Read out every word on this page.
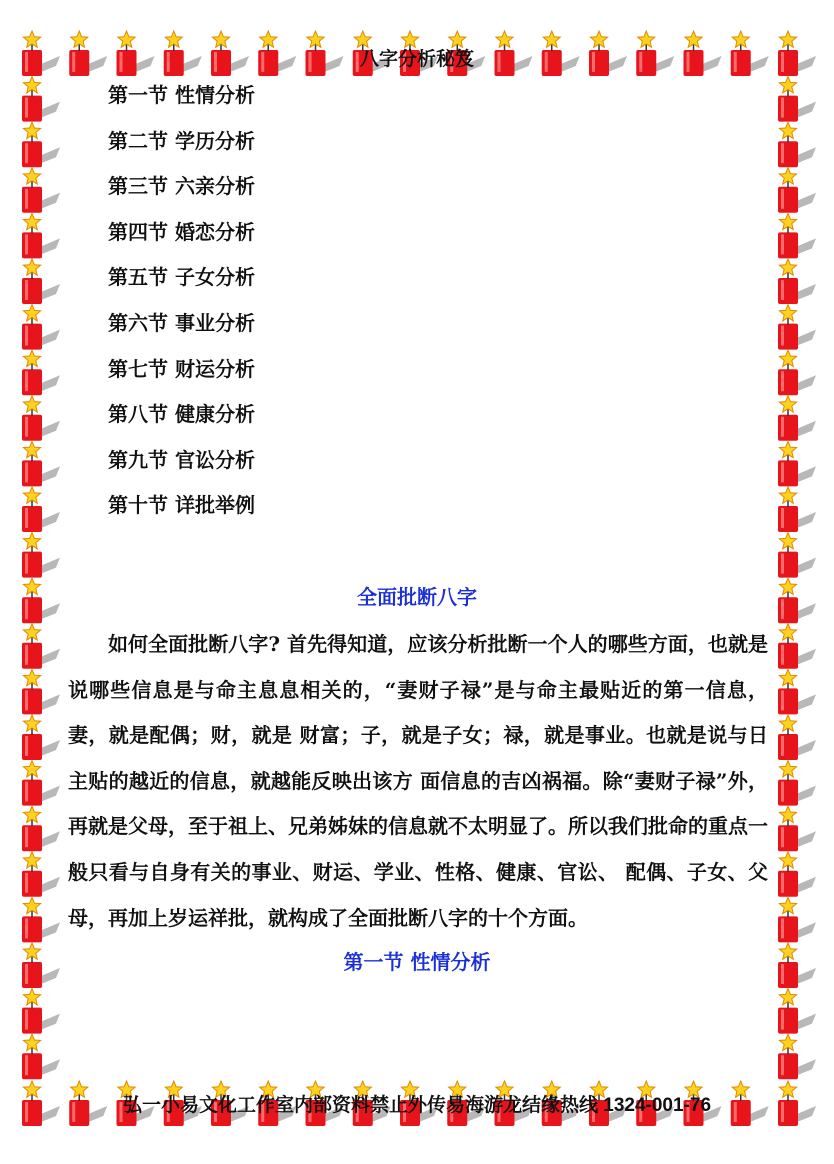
八字分析秘笈
第一节 性情分析
第二节 学历分析
第三节 六亲分析
第四节 婚恋分析
第五节 子女分析
第六节 事业分析
第七节 财运分析
第八节 健康分析
第九节 官讼分析
第十节 详批举例
全面批断八字

如何全面批断八字? 首先得知道，应该分析批断一个人的哪些方面，也就是说哪些信息是与命主息息相关的，“妻财子禄”是与命主最贴近的第一信息，妻，就是配偶；财，就是 财富；子，就是子女；禄，就是事业。也就是说与日主贴的越近的信息，就越能反映出该方 面信息的吉凶祸福。除“妻财子禄”外，再就是父母，至于祖上、兄弟姊妹的信息就不太明显了。所以我们批命的重点一般只看与自身有关的事业、财运、学业、性格、健康、官讼、 配偶、子女、父母，再加上岁运祥批，就构成了全面批断八字的十个方面。

第一节 性情分析
弘一小易文化工作室内部资料禁止外传易海游龙结缘热线 1324-001-76
